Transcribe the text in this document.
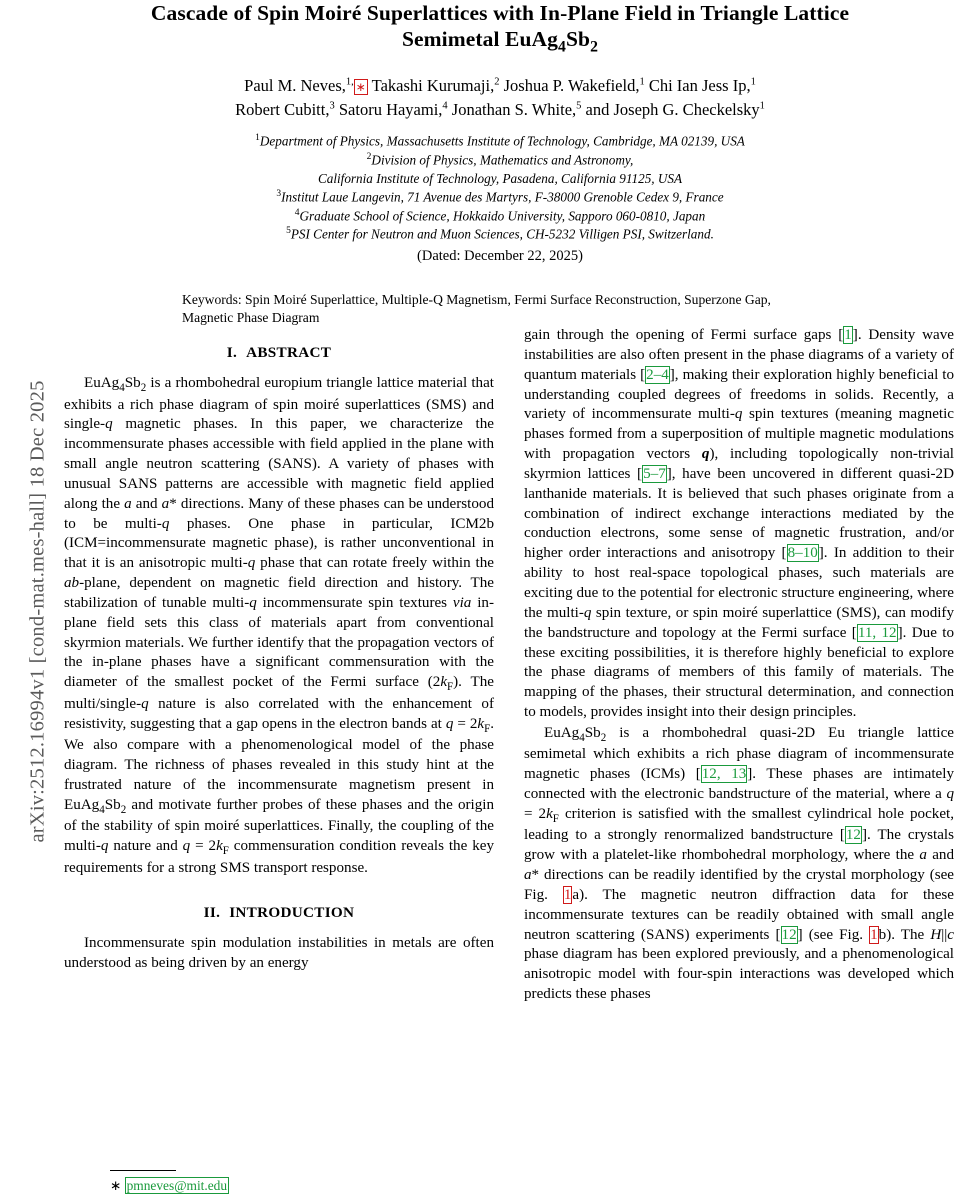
arXiv:2512.16994v1 [cond-mat.mes-hall] 18 Dec 2025
Cascade of Spin Moiré Superlattices with In-Plane Field in Triangle Lattice
Semimetal $EuAg_4Sb_2$
Paul M. Neves,$^{1,}$ ∗ Takashi Kurumaji,$^2$ Joshua P. Wakefield,$^1$ Chi Ian Jess Ip,$^1$
Robert Cubitt,$^3$ Satoru Hayami,$^4$ Jonathan S. White,$^5$ and Joseph G. Checkelsky$^1$
$^1$Department of Physics, Massachusetts Institute of Technology, Cambridge, MA 02139, USA
$^2$Division of Physics, Mathematics and Astronomy,
California Institute of Technology, Pasadena, California 91125, USA
$^3$Institut Laue Langevin, 71 Avenue des Martyrs, F-38000 Grenoble Cedex 9, France
$^4$Graduate School of Science, Hokkaido University, Sapporo 060-0810, Japan
$^5$PSI Center for Neutron and Muon Sciences, CH-5232 Villigen PSI, Switzerland.
(Dated: December 22, 2025)
Keywords: Spin Moiré Superlattice, Multiple-Q Magnetism, Fermi Surface Reconstruction, Superzone Gap, Magnetic Phase Diagram
I. ABSTRACT

$EuAg_4Sb_2$ is a rhombohedral europium triangle lattice material that exhibits a rich phase diagram of spin moiré superlattices (SMS) and single-q magnetic phases. In this paper, we characterize the incommensurate phases accessible with field applied in the plane with small angle neutron scattering (SANS). A variety of phases with unusual SANS patterns are accessible with magnetic field applied along the a and a* directions. Many of these phases can be understood to be multi-q phases. One phase in particular, ICM2b (ICM=incommensurate magnetic phase), is rather unconventional in that it is an anisotropic multi-q phase that can rotate freely within the ab-plane, dependent on magnetic field direction and history. The stabilization of tunable multi-q incommensurate spin textures via in-plane field sets this class of materials apart from conventional skyrmion materials. We further identify that the propagation vectors of the in-plane phases have a significant commensuration with the diameter of the smallest pocket of the Fermi surface $(2k_F)$. The multi/single-q nature is also correlated with the enhancement of resistivity, suggesting that a gap opens in the electron bands at $q = 2k_F$. We also compare with a phenomenological model of the phase diagram. The richness of phases revealed in this study hint at the frustrated nature of the incommensurate magnetism present in $EuAg_4Sb_2$ and motivate further probes of these phases and the origin of the stability of spin moiré superlattices. Finally, the coupling of the multi-q nature and $q = 2k_F$ commensuration condition reveals the key requirements for a strong SMS transport response.

II. INTRODUCTION

Incommensurate spin modulation instabilities in metals are often understood as being driven by an energy

gain through the opening of Fermi surface gaps [1]. Density wave instabilities are also often present in the phase diagrams of a variety of quantum materials [2–4], making their exploration highly beneficial to understanding coupled degrees of freedoms in solids. Recently, a variety of incommensurate multi-q spin textures (meaning magnetic phases formed from a superposition of multiple magnetic modulations with propagation vectors q), including topologically non-trivial skyrmion lattices [5–7], have been uncovered in different quasi-2D lanthanide materials. It is believed that such phases originate from a combination of indirect exchange interactions mediated by the conduction electrons, some sense of magnetic frustration, and/or higher order interactions and anisotropy [8–10]. In addition to their ability to host real-space topological phases, such materials are exciting due to the potential for electronic structure engineering, where the multi-q spin texture, or spin moiré superlattice (SMS), can modify the bandstructure and topology at the Fermi surface [11, 12]. Due to these exciting possibilities, it is therefore highly beneficial to explore the phase diagrams of members of this family of materials. The mapping of the phases, their structural determination, and connection to models, provides insight into their design principles.

$EuAg_4Sb_2$ is a rhombohedral quasi-2D Eu triangle lattice semimetal which exhibits a rich phase diagram of incommensurate magnetic phases (ICMs) [12, 13]. These phases are intimately connected with the electronic bandstructure of the material, where a $q = 2k_F$ criterion is satisfied with the smallest cylindrical hole pocket, leading to a strongly renormalized bandstructure [12]. The crystals grow with a platelet-like rhombohedral morphology, where the a and a* directions can be readily identified by the crystal morphology (see Fig. 1a). The magnetic neutron diffraction data for these incommensurate textures can be readily obtained with small angle neutron scattering (SANS) experiments [12] (see Fig. 1b). The H||c phase diagram has been explored previously, and a phenomenological anisotropic model with four-spin interactions was developed which predicts these phases

∗ pmneves@mit.edu
